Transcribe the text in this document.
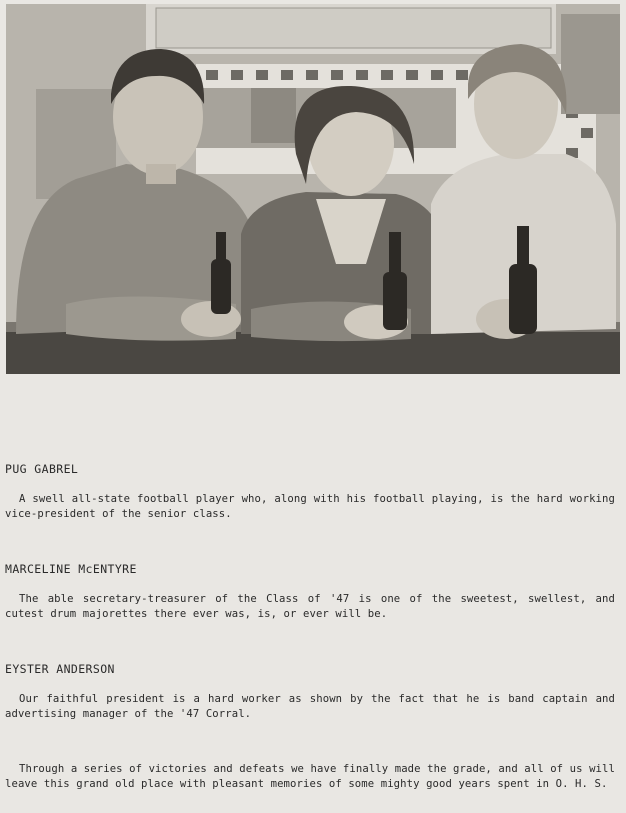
PUG GABREL
A swell all-state football player who, along with his football playing, is the hard working vice-president of the senior class.
MARCELINE McENTYRE
The able secretary-treasurer of the Class of '47 is one of the sweetest, swellest, and cutest drum majorettes there ever was, is, or ever will be.
EYSTER ANDERSON
Our faithful president is a hard worker as shown by the fact that he is band captain and advertising manager of the '47 Corral.
Through a series of victories and defeats we have finally made the grade, and all of us will leave this grand old place with pleasant memories of some mighty good years spent in O. H. S.
